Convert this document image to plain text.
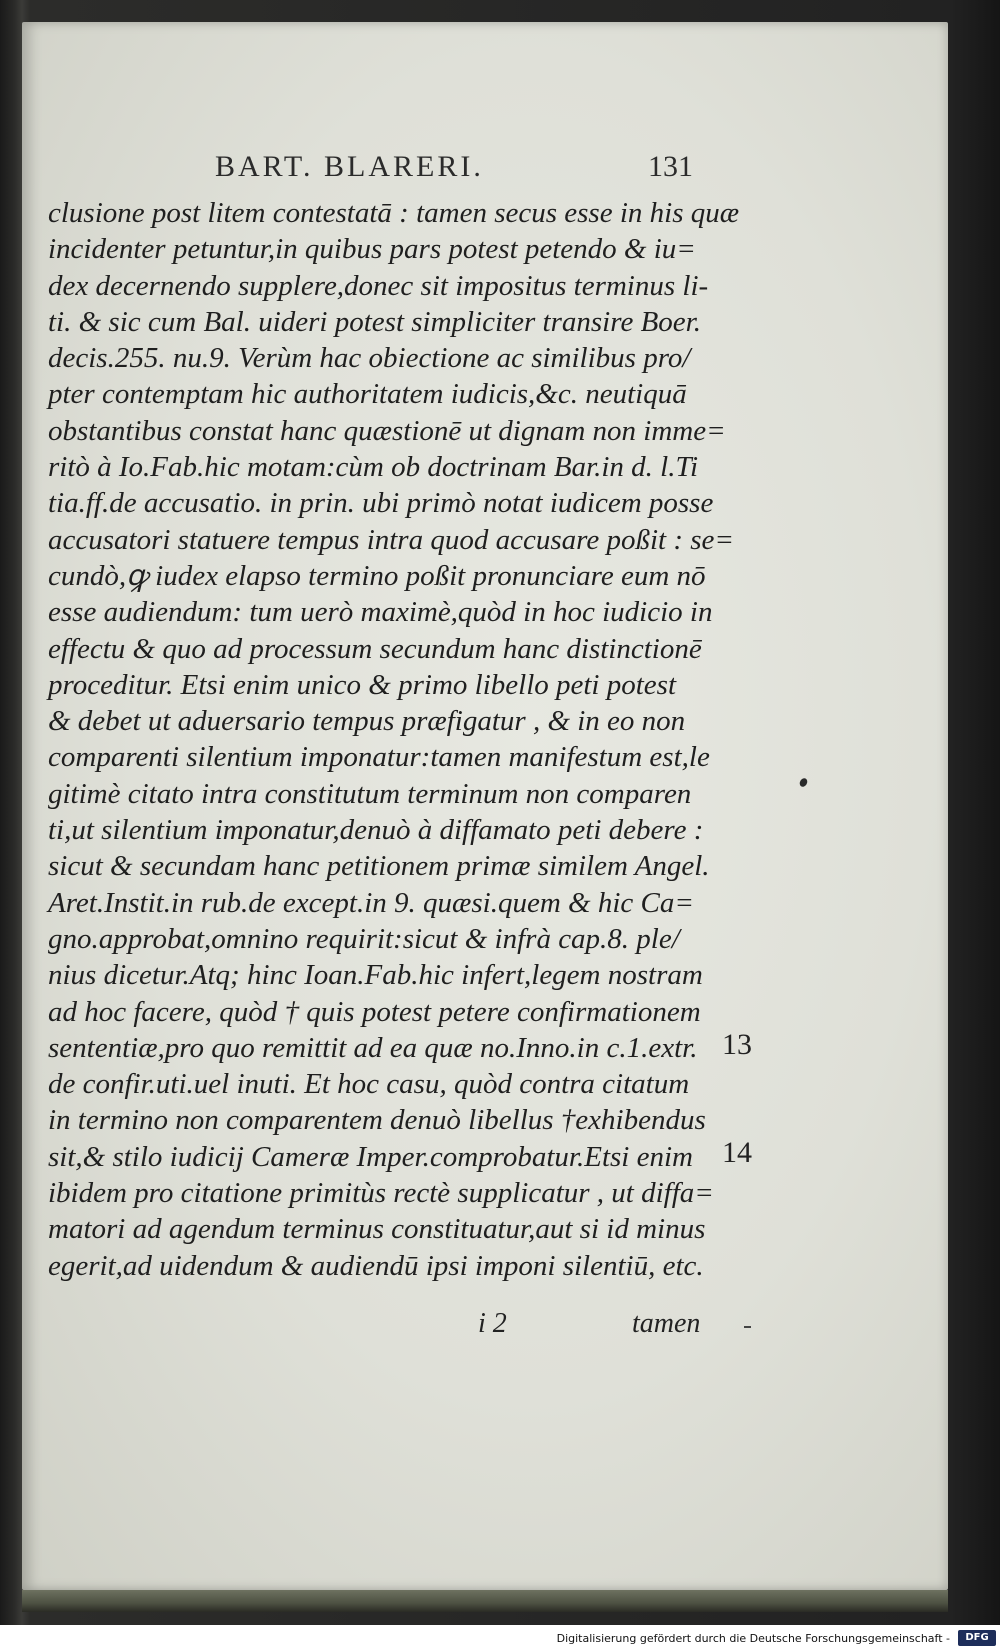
BART. BLARERI.	131
clusione post litem contestatā : tamen secus esse in his quæ
incidenter petuntur,in quibus pars potest petendo & iu=
dex decernendo supplere,donec sit impositus terminus li-
ti. & sic cum Bal. uideri potest simpliciter transire Boer.
decis.255. nu.9. Verùm hac obiectione ac similibus pro/
pter contemptam hic authoritatem iudicis,&c. neutiquā
obstantibus constat hanc quæstionē ut dignam non imme=
ritò à Io.Fab.hic motam:cùm ob doctrinam Bar.in d. l.Ti
tia.ff.de accusatio. in prin. ubi primò notat iudicem posse
accusatori statuere tempus intra quod accusare poßit : se=
cundò,ꝙ iudex elapso termino poßit pronunciare eum nō
esse audiendum: tum uerò maximè,quòd in hoc iudicio in
effectu & quo ad processum secundum hanc distinctionē
proceditur. Etsi enim unico & primo libello peti potest
& debet ut aduersario tempus præfigatur , & in eo non
comparenti silentium imponatur:tamen manifestum est,le
gitimè citato intra constitutum terminum non comparen
ti,ut silentium imponatur,denuò à diffamato peti debere :
sicut & secundam hanc petitionem primæ similem Angel.
Aret.Instit.in rub.de except.in 9. quæsi.quem & hic Ca=
gno.approbat,omnino requirit:sicut & infrà cap.8. ple/
nius dicetur.Atq; hinc Ioan.Fab.hic infert,legem nostram
ad hoc facere, quòd † quis potest petere confirmationem
sententiæ,pro quo remittit ad ea quæ no.Inno.in c.1.extr.
de confir.uti.uel inuti. Et hoc casu, quòd contra citatum
in termino non comparentem denuò libellus †exhibendus
sit,& stilo iudicij Cameræ Imper.comprobatur.Etsi enim
ibidem pro citatione primitùs rectè supplicatur , ut diffa=
matori ad agendum terminus constituatur,aut si id minus
egerit,ad uidendum & audiendū ipsi imponi silentiū, etc.
13
14
i 2	tamen
Digitalisierung gefördert durch die Deutsche Forschungsgemeinschaft -	DFG
